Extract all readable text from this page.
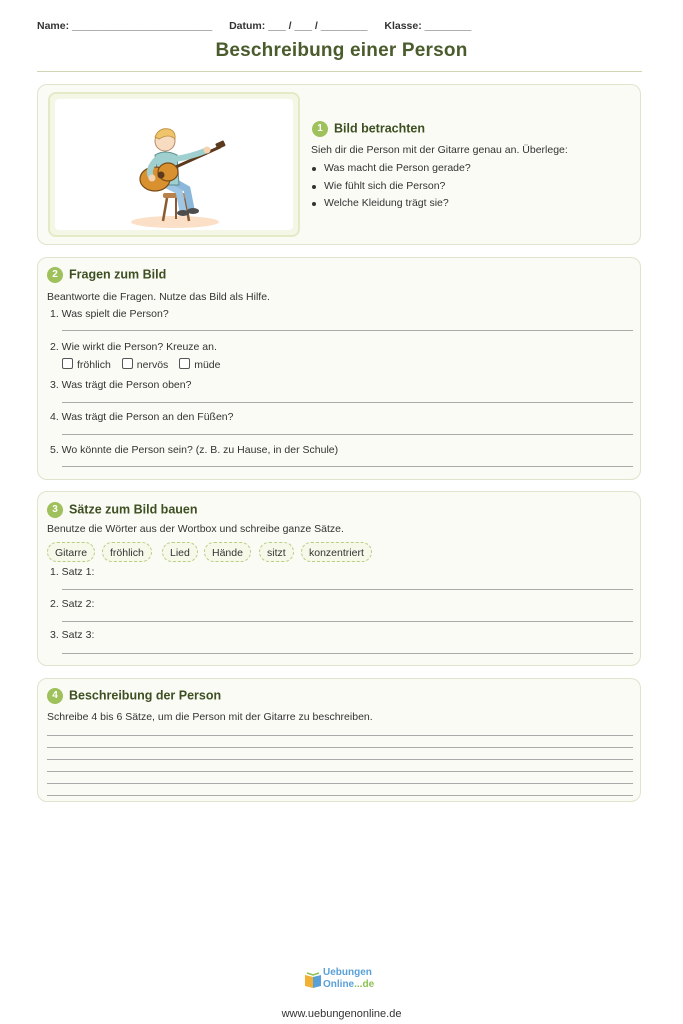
Name: ________________________ Datum: ___ / ___ / ________ Klasse: ________
Beschreibung einer Person
1 Bild betrachten
Sieh dir die Person mit der Gitarre genau an. Überlege:
Was macht die Person gerade?
Wie fühlt sich die Person?
Welche Kleidung trägt sie?
2 Fragen zum Bild
Beantworte die Fragen. Nutze das Bild als Hilfe.
1. Was spielt die Person?
2. Wie wirkt die Person? Kreuze an.
fröhlich nervös müde
3. Was trägt die Person oben?
4. Was trägt die Person an den Füßen?
5. Wo könnte die Person sein? (z. B. zu Hause, in der Schule)
3 Sätze zum Bild bauen
Benutze die Wörter aus der Wortbox und schreibe ganze Sätze.
Gitarre	fröhlich	Lied	Hände	sitzt	konzentriert
1. Satz 1:
2. Satz 2:
3. Satz 3:
4 Beschreibung der Person
Schreibe 4 bis 6 Sätze, um die Person mit der Gitarre zu beschreiben.
Uebungen
Online...de
www.uebungenonline.de
